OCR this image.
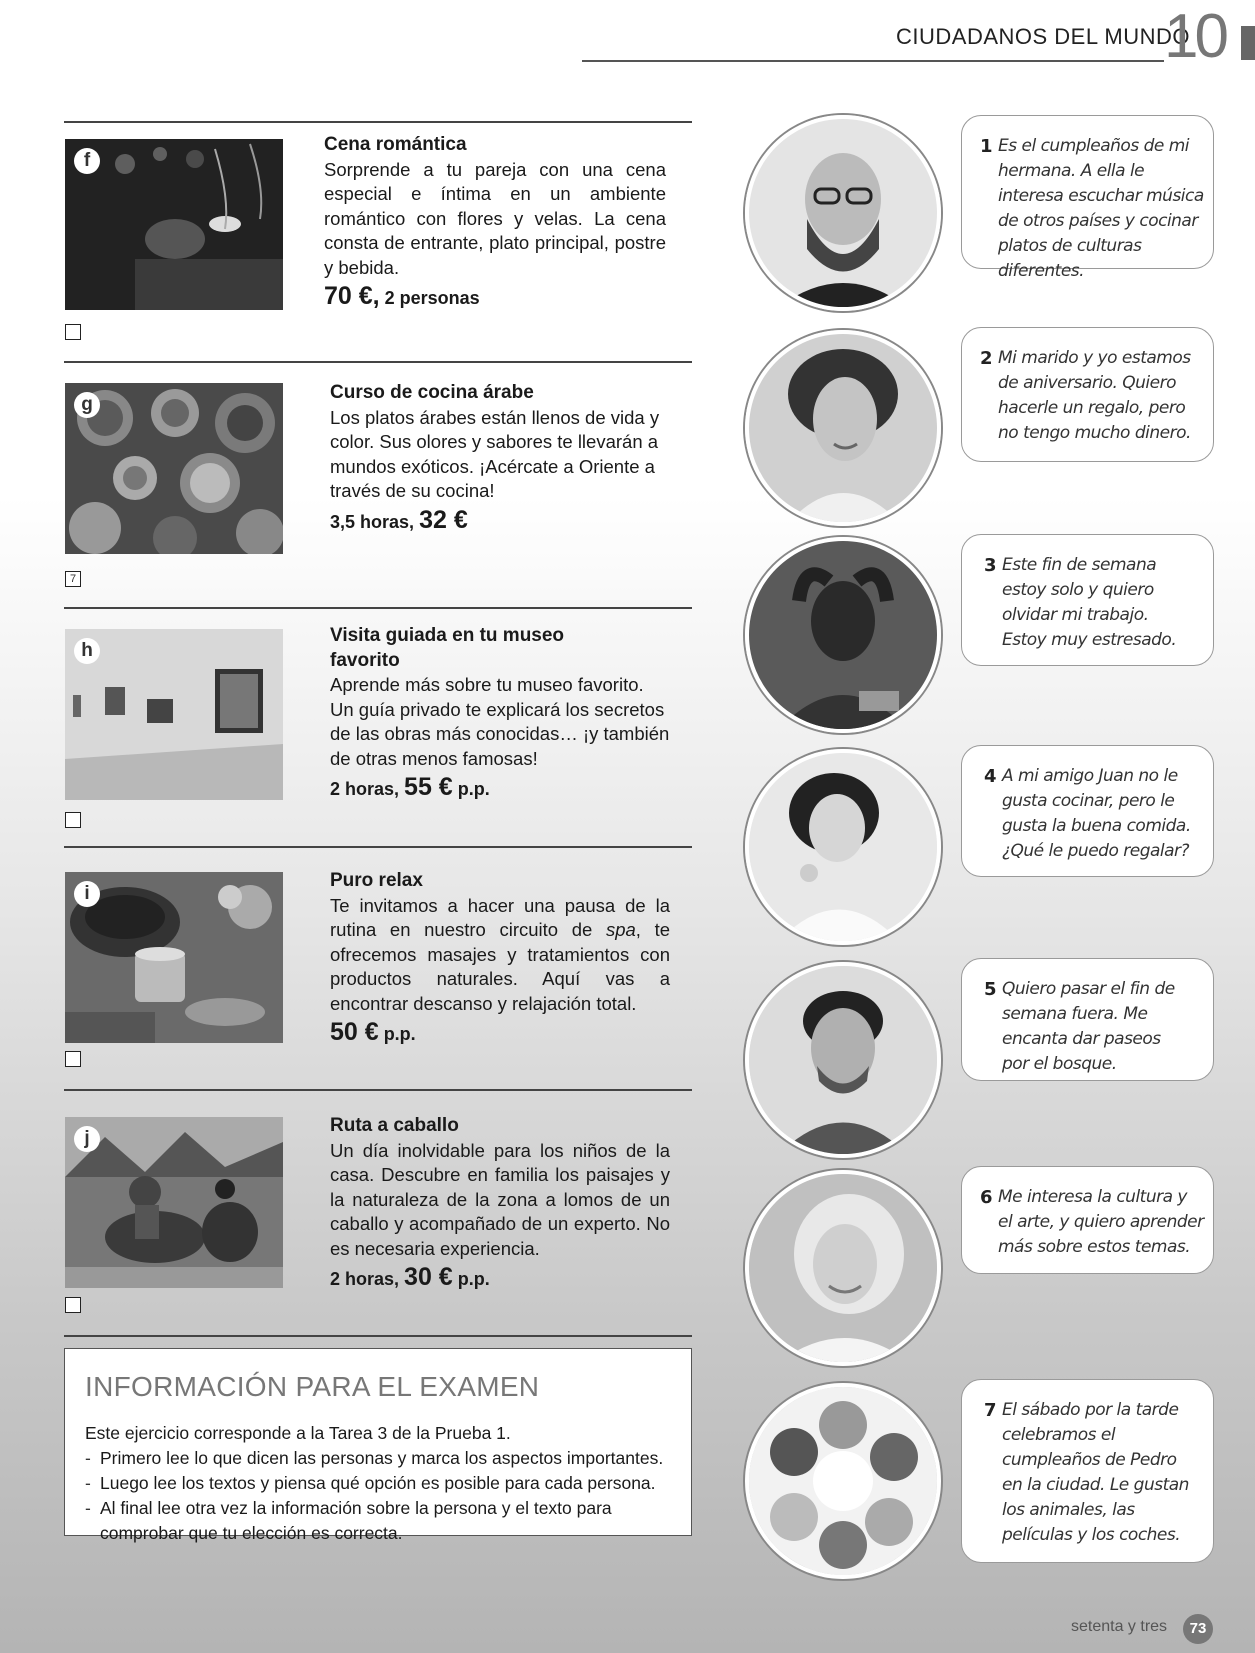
CIUDADANOS DEL MUNDO
10
f
Cena romántica
Sorprende a tu pareja con una cena especial e íntima en un ambiente romántico con flores y velas. La cena consta de entrante, plato principal, postre y bebida.
70 €, 2 personas
g
7
Curso de cocina árabe
Los platos árabes están llenos de vida y color. Sus olores y sabores te llevarán a mundos exóticos. ¡Acércate a Oriente a través de su cocina!
3,5 horas, 32 €
h
Visita guiada en tu museo favorito
Aprende más sobre tu museo favorito. Un guía privado te explicará los secretos de las obras más conocidas… ¡y también de otras menos famosas!
2 horas, 55 € p.p.
i
Puro relax
Te invitamos a hacer una pausa de la rutina en nuestro circuito de spa, te ofrecemos masajes y tratamientos con productos naturales. Aquí vas a encontrar descanso y relajación total.
50 € p.p.
j
Ruta a caballo
Un día inolvidable para los niños de la casa. Descubre en familia los paisajes y la naturaleza de la zona a lomos de un caballo y acompañado de un experto. No es necesaria experiencia.
2 horas, 30 € p.p.
INFORMACIÓN PARA EL EXAMEN
Este ejercicio corresponde a la Tarea 3 de la Prueba 1.
- Primero lee lo que dicen las personas y marca los aspectos importantes.
- Luego lee los textos y piensa qué opción es posible para cada persona.
- Al final lee otra vez la información sobre la persona y el texto para comprobar que tu elección es correcta.
1 Es el cumpleaños de mi hermana. A ella le interesa escuchar música de otros países y cocinar platos de culturas diferentes.
2 Mi marido y yo estamos de aniversario. Quiero hacerle un regalo, pero no tengo mucho dinero.
3 Este fin de semana estoy solo y quiero olvidar mi trabajo. Estoy muy estresado.
4 A mi amigo Juan no le gusta cocinar, pero le gusta la buena comida. ¿Qué le puedo regalar?
5 Quiero pasar el fin de semana fuera. Me encanta dar paseos por el bosque.
6 Me interesa la cultura y el arte, y quiero aprender más sobre estos temas.
7 El sábado por la tarde celebramos el cumpleaños de Pedro en la ciudad. Le gustan los animales, las películas y los coches.
setenta y tres	73
